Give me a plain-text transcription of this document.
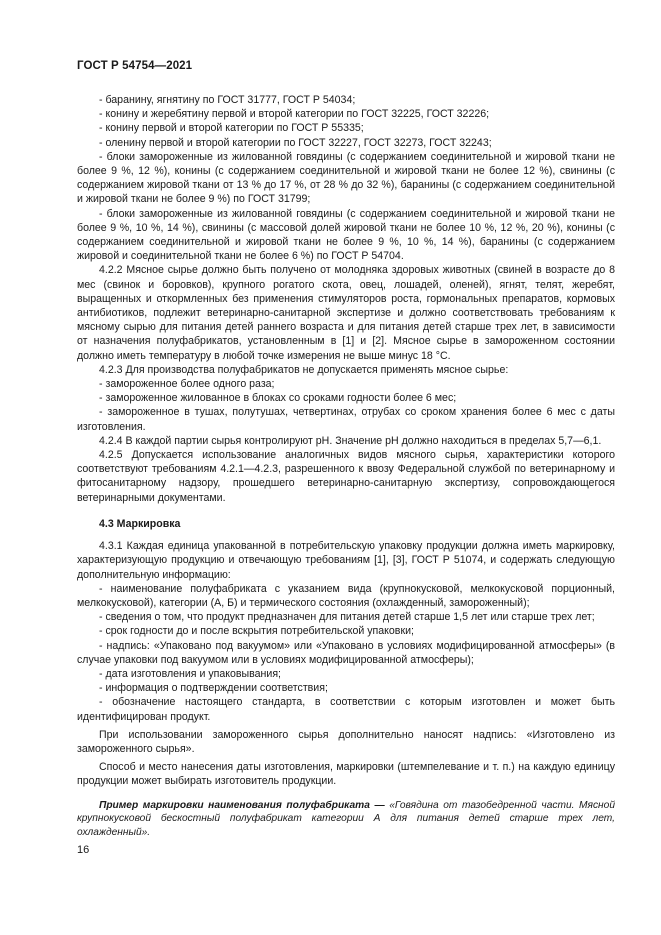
ГОСТ Р 54754—2021

- баранину, ягнятину по ГОСТ 31777, ГОСТ Р 54034;

- конину и жеребятину первой и второй категории по ГОСТ 32225, ГОСТ 32226;

- конину первой и второй категории по ГОСТ Р 55335;

- оленину первой и второй категории по ГОСТ 32227, ГОСТ 32273, ГОСТ 32243;

- блоки замороженные из жилованной говядины (с содержанием соединительной и жировой ткани не более 9 %, 12 %), конины (с содержанием соединительной и жировой ткани не более 12 %), свинины (с содержанием жировой ткани от 13 % до 17 %, от 28 % до 32 %), баранины (с содержанием соединительной и жировой ткани не более 9 %) по ГОСТ 31799;

- блоки замороженные из жилованной говядины (с содержанием соединительной и жировой ткани не более 9 %, 10 %, 14 %), свинины (с массовой долей жировой ткани не более 10 %, 12 %, 20 %), конины (с содержанием соединительной и жировой ткани не более 9 %, 10 %, 14 %), баранины (с содержанием жировой и соединительной ткани не более 6 %) по ГОСТ Р 54704.

4.2.2 Мясное сырье должно быть получено от молодняка здоровых животных (свиней в возрасте до 8 мес (свинок и боровков), крупного рогатого скота, овец, лошадей, оленей), ягнят, телят, жеребят, выращенных и откормленных без применения стимуляторов роста, гормональных препаратов, кормовых антибиотиков, подлежит ветеринарно-санитарной экспертизе и должно соответствовать требованиям к мясному сырью для питания детей раннего возраста и для питания детей старше трех лет, в зависимости от назначения полуфабрикатов, установленным в [1] и [2]. Мясное сырье в замороженном состоянии должно иметь температуру в любой точке измерения не выше минус 18 °С.

4.2.3 Для производства полуфабрикатов не допускается применять мясное сырье:

- замороженное более одного раза;

- замороженное жилованное в блоках со сроками годности более 6 мес;

- замороженное в тушах, полутушах, четвертинах, отрубах со сроком хранения более 6 мес с даты изготовления.

4.2.4 В каждой партии сырья контролируют рН. Значение рН должно находиться в пределах 5,7—6,1.

4.2.5 Допускается использование аналогичных видов мясного сырья, характеристики которого соответствуют требованиям 4.2.1—4.2.3, разрешенного к ввозу Федеральной службой по ветеринарному и фитосанитарному надзору, прошедшего ветеринарно-санитарную экспертизу, сопровождающегося ветеринарными документами.

4.3 Маркировка

4.3.1 Каждая единица упакованной в потребительскую упаковку продукции должна иметь маркировку, характеризующую продукцию и отвечающую требованиям [1], [3], ГОСТ Р 51074, и содержать следующую дополнительную информацию:

- наименование полуфабриката с указанием вида (крупнокусковой, мелкокусковой порционный, мелкокусковой), категории (А, Б) и термического состояния (охлажденный, замороженный);

- сведения о том, что продукт предназначен для питания детей старше 1,5 лет или старше трех лет;

- срок годности до и после вскрытия потребительской упаковки;

- надпись: «Упаковано под вакуумом» или «Упаковано в условиях модифицированной атмосферы» (в случае упаковки под вакуумом или в условиях модифицированной атмосферы);

- дата изготовления и упаковывания;

- информация о подтверждении соответствия;

- обозначение настоящего стандарта, в соответствии с которым изготовлен и может быть идентифицирован продукт.

При использовании замороженного сырья дополнительно наносят надпись: «Изготовлено из замороженного сырья».

Способ и место нанесения даты изготовления, маркировки (штемпелевание и т. п.) на каждую единицу продукции может выбирать изготовитель продукции.

Пример маркировки наименования полуфабриката — «Говядина от тазобедренной части. Мясной крупнокусковой бескостный полуфабрикат категории А для питания детей старше трех лет, охлажденный».

16
